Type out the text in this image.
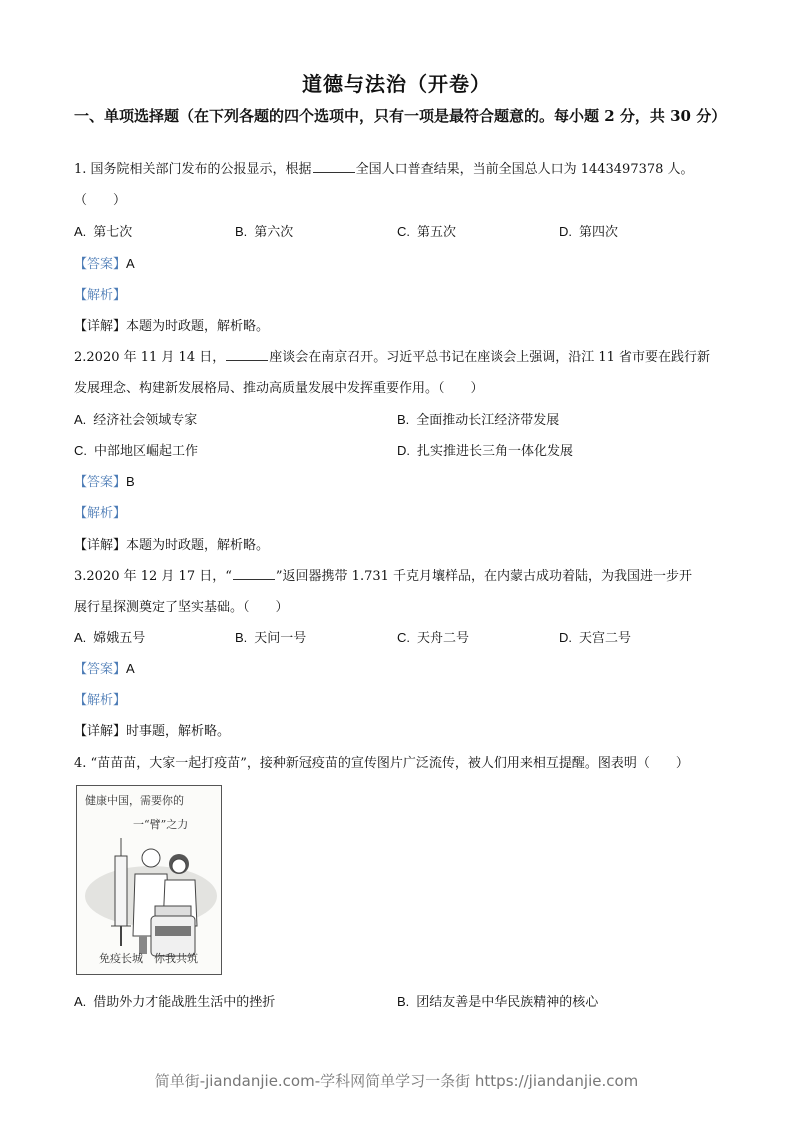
道德与法治（开卷）
一、单项选择题（在下列各题的四个选项中，只有一项是最符合题意的。每小题 2 分，共 30 分）
1. 国务院相关部门发布的公报显示，根据	全国人口普查结果，当前全国总人口为 1443497378 人。
（　　）
A. 第七次	B. 第六次	C. 第五次	D. 第四次
【答案】A
【解析】
【详解】本题为时政题，解析略。
2.2020 年 11 月 14 日，	座谈会在南京召开。习近平总书记在座谈会上强调，沿江 11 省市要在践行新
发展理念、构建新发展格局、推动高质量发展中发挥重要作用。（　　）
A. 经济社会领域专家	B. 全面推动长江经济带发展
C. 中部地区崛起工作	D. 扎实推进长三角一体化发展
【答案】B
【解析】
【详解】本题为时政题，解析略。
3.2020 年 12 月 17 日，“	”返回器携带 1.731 千克月壤样品，在内蒙古成功着陆，为我国进一步开
展行星探测奠定了坚实基础。（　　）
A. 嫦娥五号	B. 天问一号	C. 天舟二号	D. 天宫二号
【答案】A
【解析】
【详解】时事题，解析略。
4. “苗苗苗，大家一起打疫苗”，接种新冠疫苗的宣传图片广泛流传，被人们用来相互提醒。图表明（　　）
健康中国，需要你的
一“臂”之力
免疫长城　你我共筑
A. 借助外力才能战胜生活中的挫折	B. 团结友善是中华民族精神的核心
简单街-jiandanjie.com-学科网简单学习一条街 https://jiandanjie.com
